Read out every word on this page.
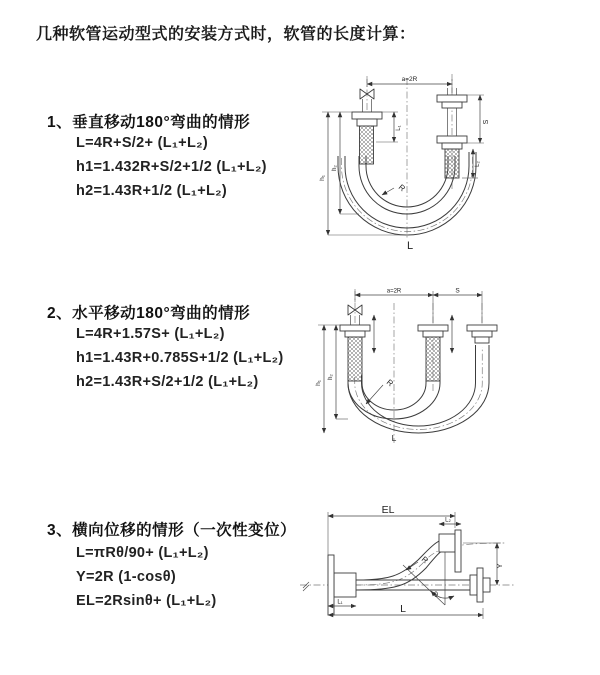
几种软管运动型式的安装方式时，软管的长度计算：
1、垂直移动180°弯曲的情形
L=4R+S/2+ (L₁+L₂)
h1=1.432R+S/2+1/2 (L₁+L₂)
h2=1.43R+1/2 (L₁+L₂)
2、水平移动180°弯曲的情形
L=4R+1.57S+ (L₁+L₂)
h1=1.43R+0.785S+1/2 (L₁+L₂)
h2=1.43R+S/2+1/2 (L₁+L₂)
3、横向位移的情形（一次性变位）
L=πRθ/90+ (L₁+L₂)
Y=2R (1-cosθ)
EL=2Rsinθ+ (L₁+L₂)
a=2R
S
L₂
L₁
h₁
h₂
R
L
a=2R	S
h₁
h₂
R
L
θ
EL
L₂
Y
R
L₁
L
